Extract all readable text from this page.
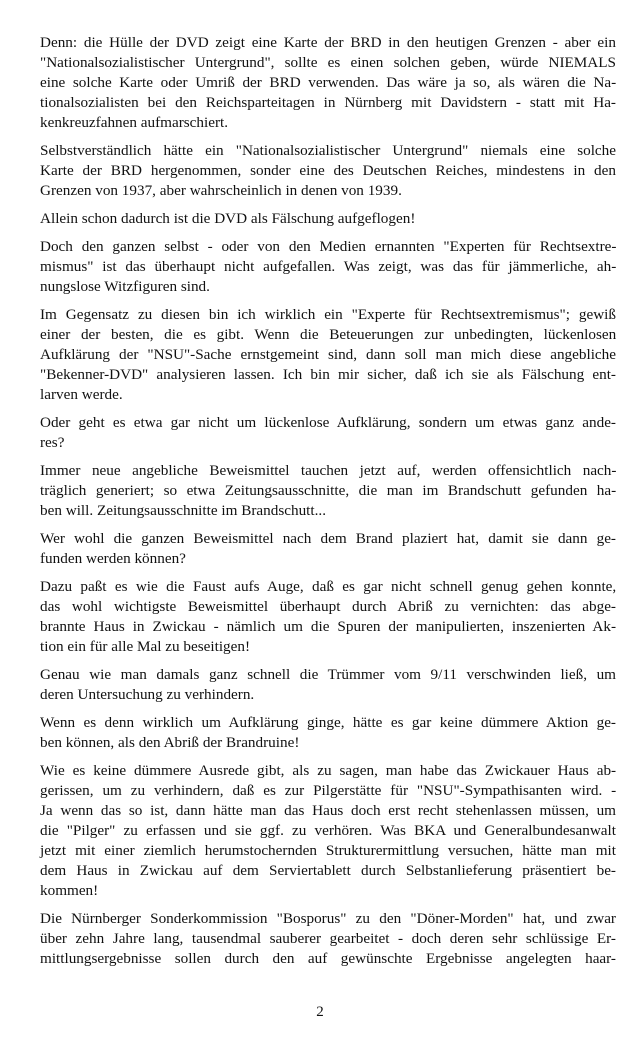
Denn: die Hülle der DVD zeigt eine Karte der BRD in den heutigen Grenzen - aber ein
"Nationalsozialistischer Untergrund", sollte es einen solchen geben, würde NIEMALS
eine solche Karte oder Umriß der BRD verwenden. Das wäre ja so, als wären die Na-
tionalsozialisten bei den Reichsparteitagen in Nürnberg mit Davidstern - statt mit Ha-
kenkreuzfahnen aufmarschiert.
Selbstverständlich hätte ein "Nationalsozialistischer Untergrund" niemals eine solche
Karte der BRD hergenommen, sonder eine des Deutschen Reiches, mindestens in den
Grenzen von 1937, aber wahrscheinlich in denen von 1939.
Allein schon dadurch ist die DVD als Fälschung aufgeflogen!
Doch den ganzen selbst - oder von den Medien ernannten "Experten für Rechtsextre-
mismus" ist das überhaupt nicht aufgefallen. Was zeigt, was das für jämmerliche, ah-
nungslose Witzfiguren sind.
Im Gegensatz zu diesen bin ich wirklich ein "Experte für Rechtsextremismus"; gewiß
einer der besten, die es gibt. Wenn die Beteuerungen zur unbedingten, lückenlosen
Aufklärung der "NSU"-Sache ernstgemeint sind, dann soll man mich diese angebliche
"Bekenner-DVD" analysieren lassen. Ich bin mir sicher, daß ich sie als Fälschung ent-
larven werde.
Oder geht es etwa gar nicht um lückenlose Aufklärung, sondern um etwas ganz ande-
res?
Immer neue angebliche Beweismittel tauchen jetzt auf, werden offensichtlich nach-
träglich generiert; so etwa Zeitungsausschnitte, die man im Brandschutt gefunden ha-
ben will. Zeitungsausschnitte im Brandschutt...
Wer wohl die ganzen Beweismittel nach dem Brand plaziert hat, damit sie dann ge-
funden werden können?
Dazu paßt es wie die Faust aufs Auge, daß es gar nicht schnell genug gehen konnte,
das wohl wichtigste Beweismittel überhaupt durch Abriß zu vernichten: das abge-
brannte Haus in Zwickau - nämlich um die Spuren der manipulierten, inszenierten Ak-
tion ein für alle Mal zu beseitigen!
Genau wie man damals ganz schnell die Trümmer vom 9/11 verschwinden ließ, um
deren Untersuchung zu verhindern.
Wenn es denn wirklich um Aufklärung ginge, hätte es gar keine dümmere Aktion ge-
ben können, als den Abriß der Brandruine!
Wie es keine dümmere Ausrede gibt, als zu sagen, man habe das Zwickauer Haus ab-
gerissen, um zu verhindern, daß es zur Pilgerstätte für "NSU"-Sympathisanten wird. -
Ja wenn das so ist, dann hätte man das Haus doch erst recht stehenlassen müssen, um
die "Pilger" zu erfassen und sie ggf. zu verhören. Was BKA und Generalbundesanwalt
jetzt mit einer ziemlich herumstochernden Strukturermittlung versuchen, hätte man mit
dem Haus in Zwickau auf dem Serviertablett durch Selbstanlieferung präsentiert be-
kommen!
Die Nürnberger Sonderkommission "Bosporus" zu den "Döner-Morden" hat, und zwar
über zehn Jahre lang, tausendmal sauberer gearbeitet - doch deren sehr schlüssige Er-
mittlungsergebnisse sollen durch den auf gewünschte Ergebnisse angelegten haar-
2
